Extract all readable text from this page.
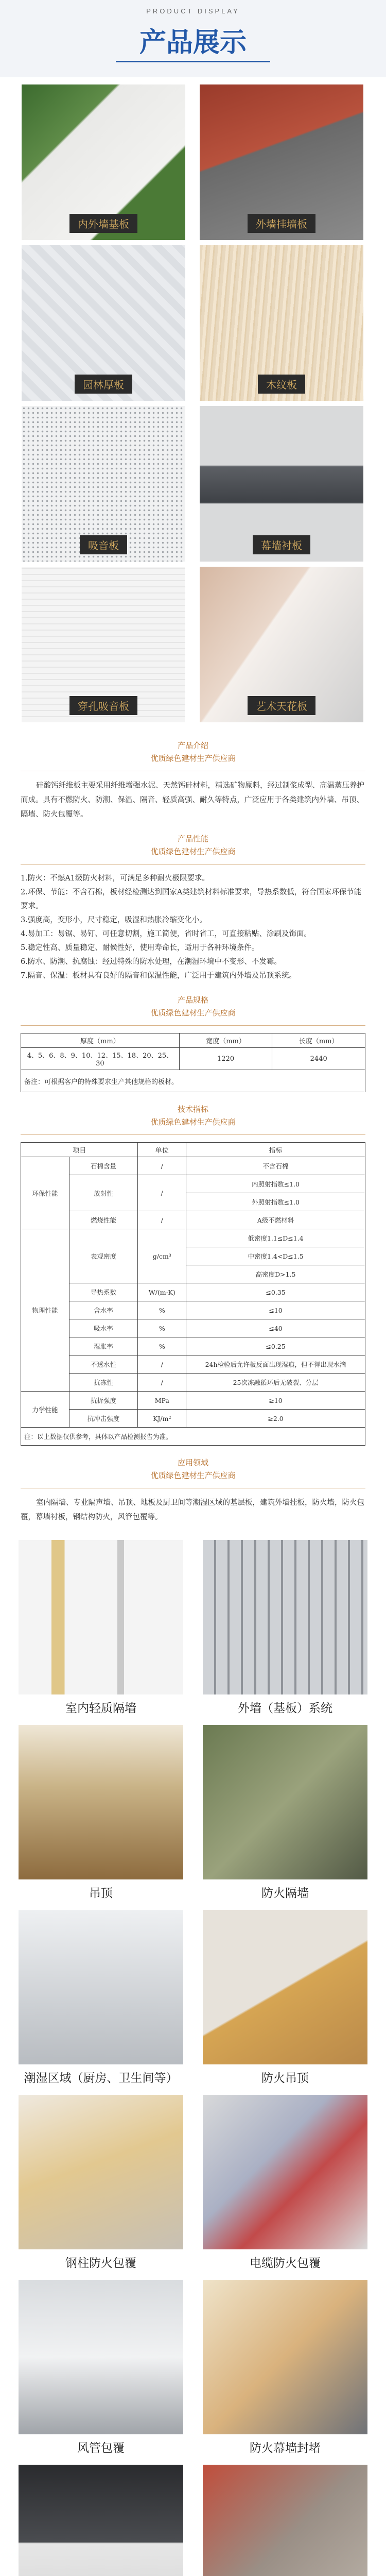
PRODUCT DISPLAY
产品展示
内外墙基板	外墙挂墙板
园林厚板	木纹板
吸音板	幕墙衬板
穿孔吸音板	艺术天花板
产品介绍
优质绿色建材生产供应商

硅酸钙纤维板主要采用纤维增强水泥、天然钙硅材料，精选矿物原料，经过制浆成型、高温蒸压养护而成。具有不燃防火、防潮、保温、隔音、轻质高强、耐久等特点，广泛应用于各类建筑内外墙、吊顶、隔墙、防火包覆等。

产品性能
优质绿色建材生产供应商

1.防火：不燃A1级防火材料，可满足多种耐火极限要求。

2.环保、节能：不含石棉，板材经检测达到国家A类建筑材料标准要求，导热系数低，符合国家环保节能要求。

3.强度高，变形小，尺寸稳定，吸湿和热胀冷缩变化小。

4.易加工：易锯、易钉、可任意切割，施工简便，省时省工，可直接粘贴、涂刷及饰面。

5.稳定性高、质量稳定、耐候性好，使用寿命长，适用于各种环境条件。

6.防水、防潮、抗腐蚀：经过特殊的防水处理，在潮湿环境中不变形、不发霉。

7.隔音、保温：板材具有良好的隔音和保温性能，广泛用于建筑内外墙及吊顶系统。

产品规格
优质绿色建材生产供应商
厚度（mm）	宽度（mm）	长度（mm）
4、5、6、8、9、10、12、15、18、20、25、30	1220	2440
备注：可根据客户的特殊要求生产其他规格的板材。		
技术指标
优质绿色建材生产供应商
项目		单位	指标
环保性能	石棉含量	/	不含石棉
	放射性	/	内照射指数≤1.0
			外照射指数≤1.0
	燃烧性能	/	A级不燃材料
物理性能	表观密度	g/cm³	低密度1.1≤D≤1.4
			中密度1.4<D≤1.5
			高密度D>1.5
	导热系数	W/(m·K)	≤0.35
	含水率	%	≤10
	吸水率	%	≤40
	湿胀率	%	≤0.25
	不透水性	/	24h检验后允许板反面出现湿痕，但不得出现水滴
	抗冻性	/	25次冻融循环后无破裂、分层
力学性能	抗折强度	MPa	≥10
	抗冲击强度	KJ/m²	≥2.0
注：以上数据仅供参考，具体以产品检测报告为准。			
应用领域
优质绿色建材生产供应商

室内隔墙、专业隔声墙、吊顶、地板及厨卫间等潮湿区域的基层板，建筑外墙挂板，防火墙，防火包覆，幕墙衬板，钢结构防火，风管包覆等。

室内轻质隔墙	外墙（基板）系统
吊顶	防火隔墙
潮湿区域（厨房、卫生间等）	防火吊顶
钢柱防火包覆	电缆防火包覆
风管包覆	防火幕墙封堵
